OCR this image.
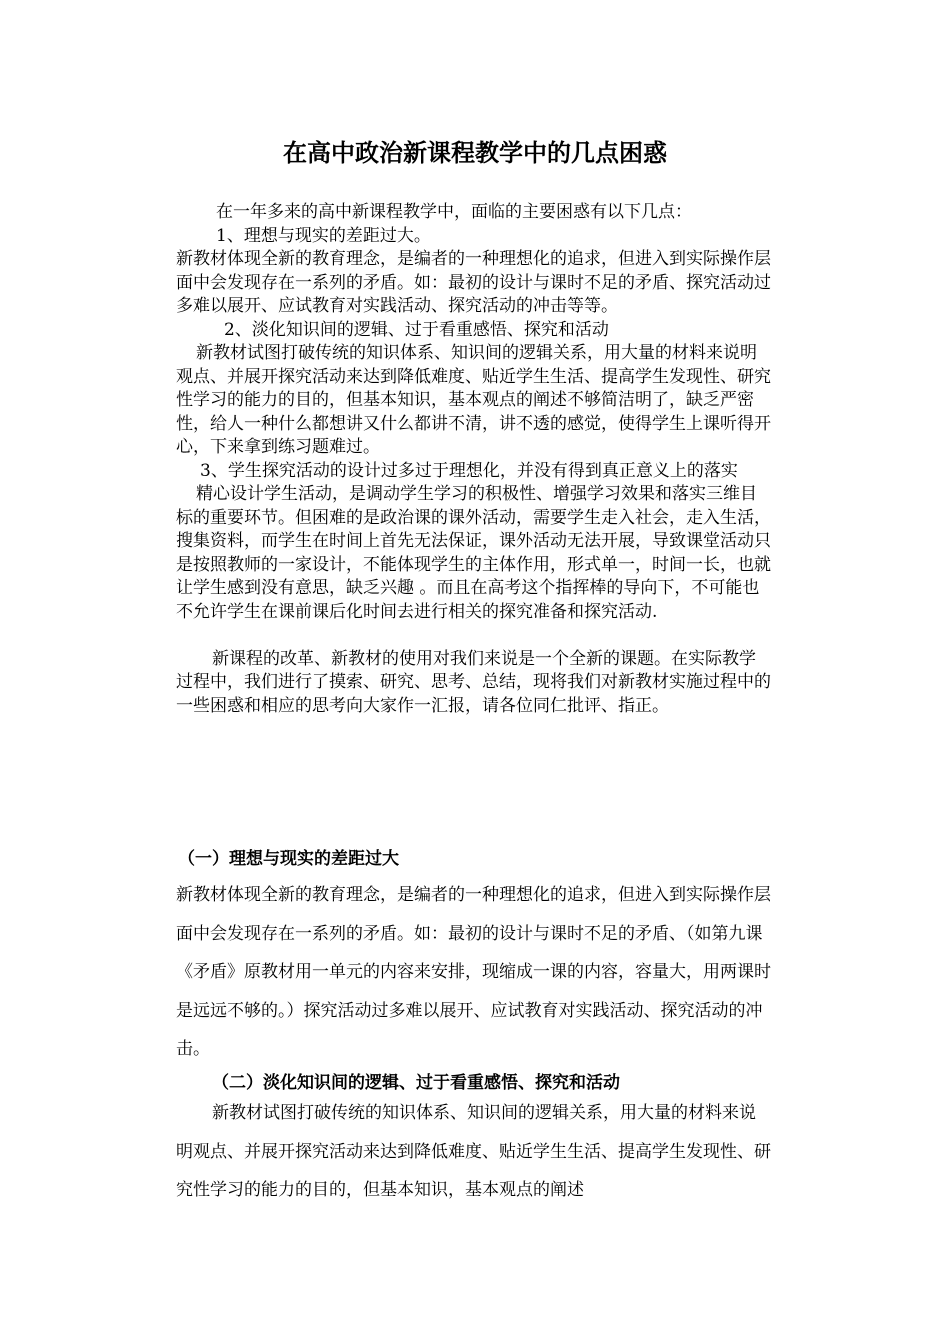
在高中政治新课程教学中的几点困惑

在一年多来的高中新课程教学中，面临的主要困惑有以下几点：

1、理想与现实的差距过大。

新教材体现全新的教育理念，是编者的一种理想化的追求，但进入到实际操作层面中会发现存在一系列的矛盾。如：最初的设计与课时不足的矛盾、探究活动过多难以展开、应试教育对实践活动、探究活动的冲击等等。

2、淡化知识间的逻辑、过于看重感悟、探究和活动

新教材试图打破传统的知识体系、知识间的逻辑关系，用大量的材料来说明观点、并展开探究活动来达到降低难度、贴近学生生活、提高学生发现性、研究性学习的能力的目的，但基本知识，基本观点的阐述不够简洁明了，缺乏严密性，给人一种什么都想讲又什么都讲不清，讲不透的感觉，使得学生上课听得开心，下来拿到练习题难过。

3、学生探究活动的设计过多过于理想化，并没有得到真正意义上的落实

精心设计学生活动，是调动学生学习的积极性、增强学习效果和落实三维目标的重要环节。但困难的是政治课的课外活动，需要学生走入社会，走入生活，搜集资料，而学生在时间上首先无法保证，课外活动无法开展，导致课堂活动只是按照教师的一家设计，不能体现学生的主体作用，形式单一，时间一长，也就让学生感到没有意思，缺乏兴趣 。而且在高考这个指挥棒的导向下，不可能也不允许学生在课前课后化时间去进行相关的探究准备和探究活动.

新课程的改革、新教材的使用对我们来说是一个全新的课题。在实际教学过程中，我们进行了摸索、研究、思考、总结，现将我们对新教材实施过程中的一些困惑和相应的思考向大家作一汇报，请各位同仁批评、指正。

（一）理想与现实的差距过大

新教材体现全新的教育理念，是编者的一种理想化的追求，但进入到实际操作层面中会发现存在一系列的矛盾。如：最初的设计与课时不足的矛盾、（如第九课《矛盾》原教材用一单元的内容来安排，现缩成一课的内容，容量大，用两课时是远远不够的。）探究活动过多难以展开、应试教育对实践活动、探究活动的冲击。

（二）淡化知识间的逻辑、过于看重感悟、探究和活动

新教材试图打破传统的知识体系、知识间的逻辑关系，用大量的材料来说明观点、并展开探究活动来达到降低难度、贴近学生生活、提高学生发现性、研究性学习的能力的目的，但基本知识，基本观点的阐述
